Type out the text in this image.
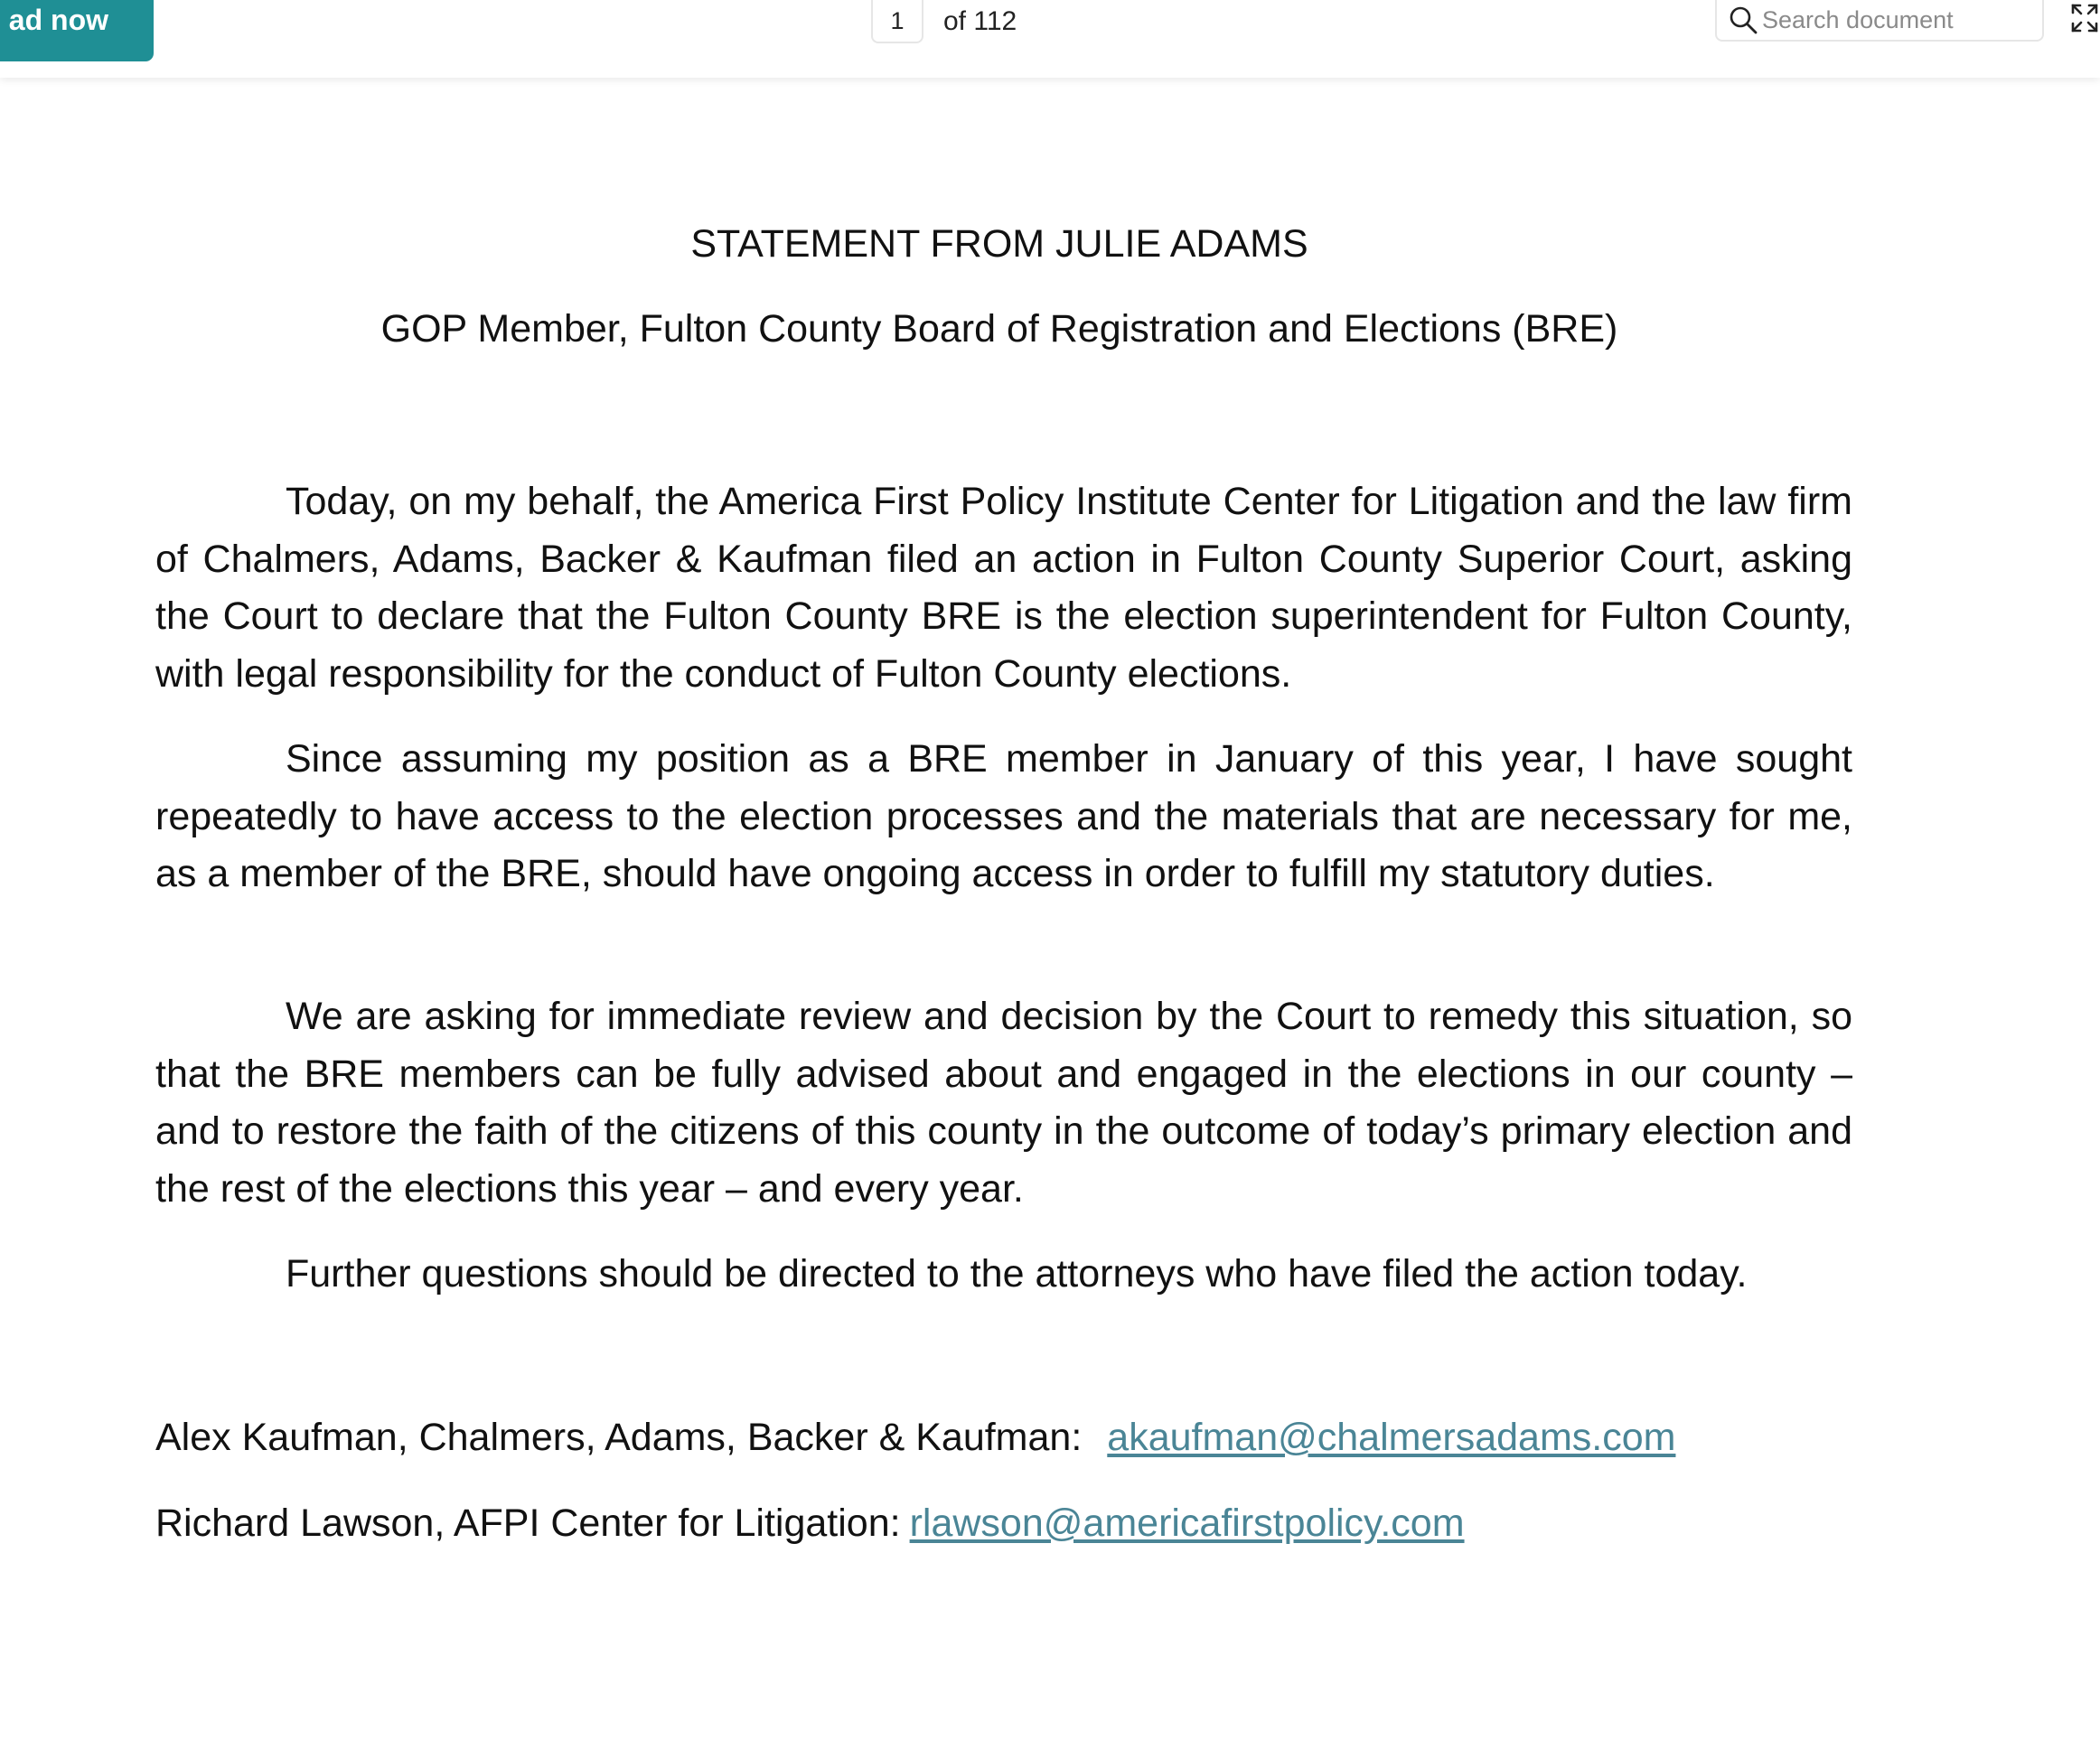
ad now
1	of 112
Search document
STATEMENT FROM JULIE ADAMS
GOP Member, Fulton County Board of Registration and Elections (BRE)
Today, on my behalf, the America First Policy Institute Center for Litigation and the law firm of Chalmers, Adams, Backer & Kaufman filed an action in Fulton County Superior Court, asking the Court to declare that the Fulton County BRE is the election superintendent for Fulton County, with legal responsibility for the conduct of Fulton County elections.
Since assuming my position as a BRE member in January of this year, I have sought repeatedly to have access to the election processes and the materials that are necessary for me, as a member of the BRE, should have ongoing access in order to fulfill my statutory duties.
We are asking for immediate review and decision by the Court to remedy this situation, so that the BRE members can be fully advised about and engaged in the elections in our county – and to restore the faith of the citizens of this county in the outcome of today’s primary election and the rest of the elections this year – and every year.
Further questions should be directed to the attorneys who have filed the action today.
Alex Kaufman, Chalmers, Adams, Backer & Kaufman: akaufman@chalmersadams.com
Richard Lawson, AFPI Center for Litigation: rlawson@americafirstpolicy.com
